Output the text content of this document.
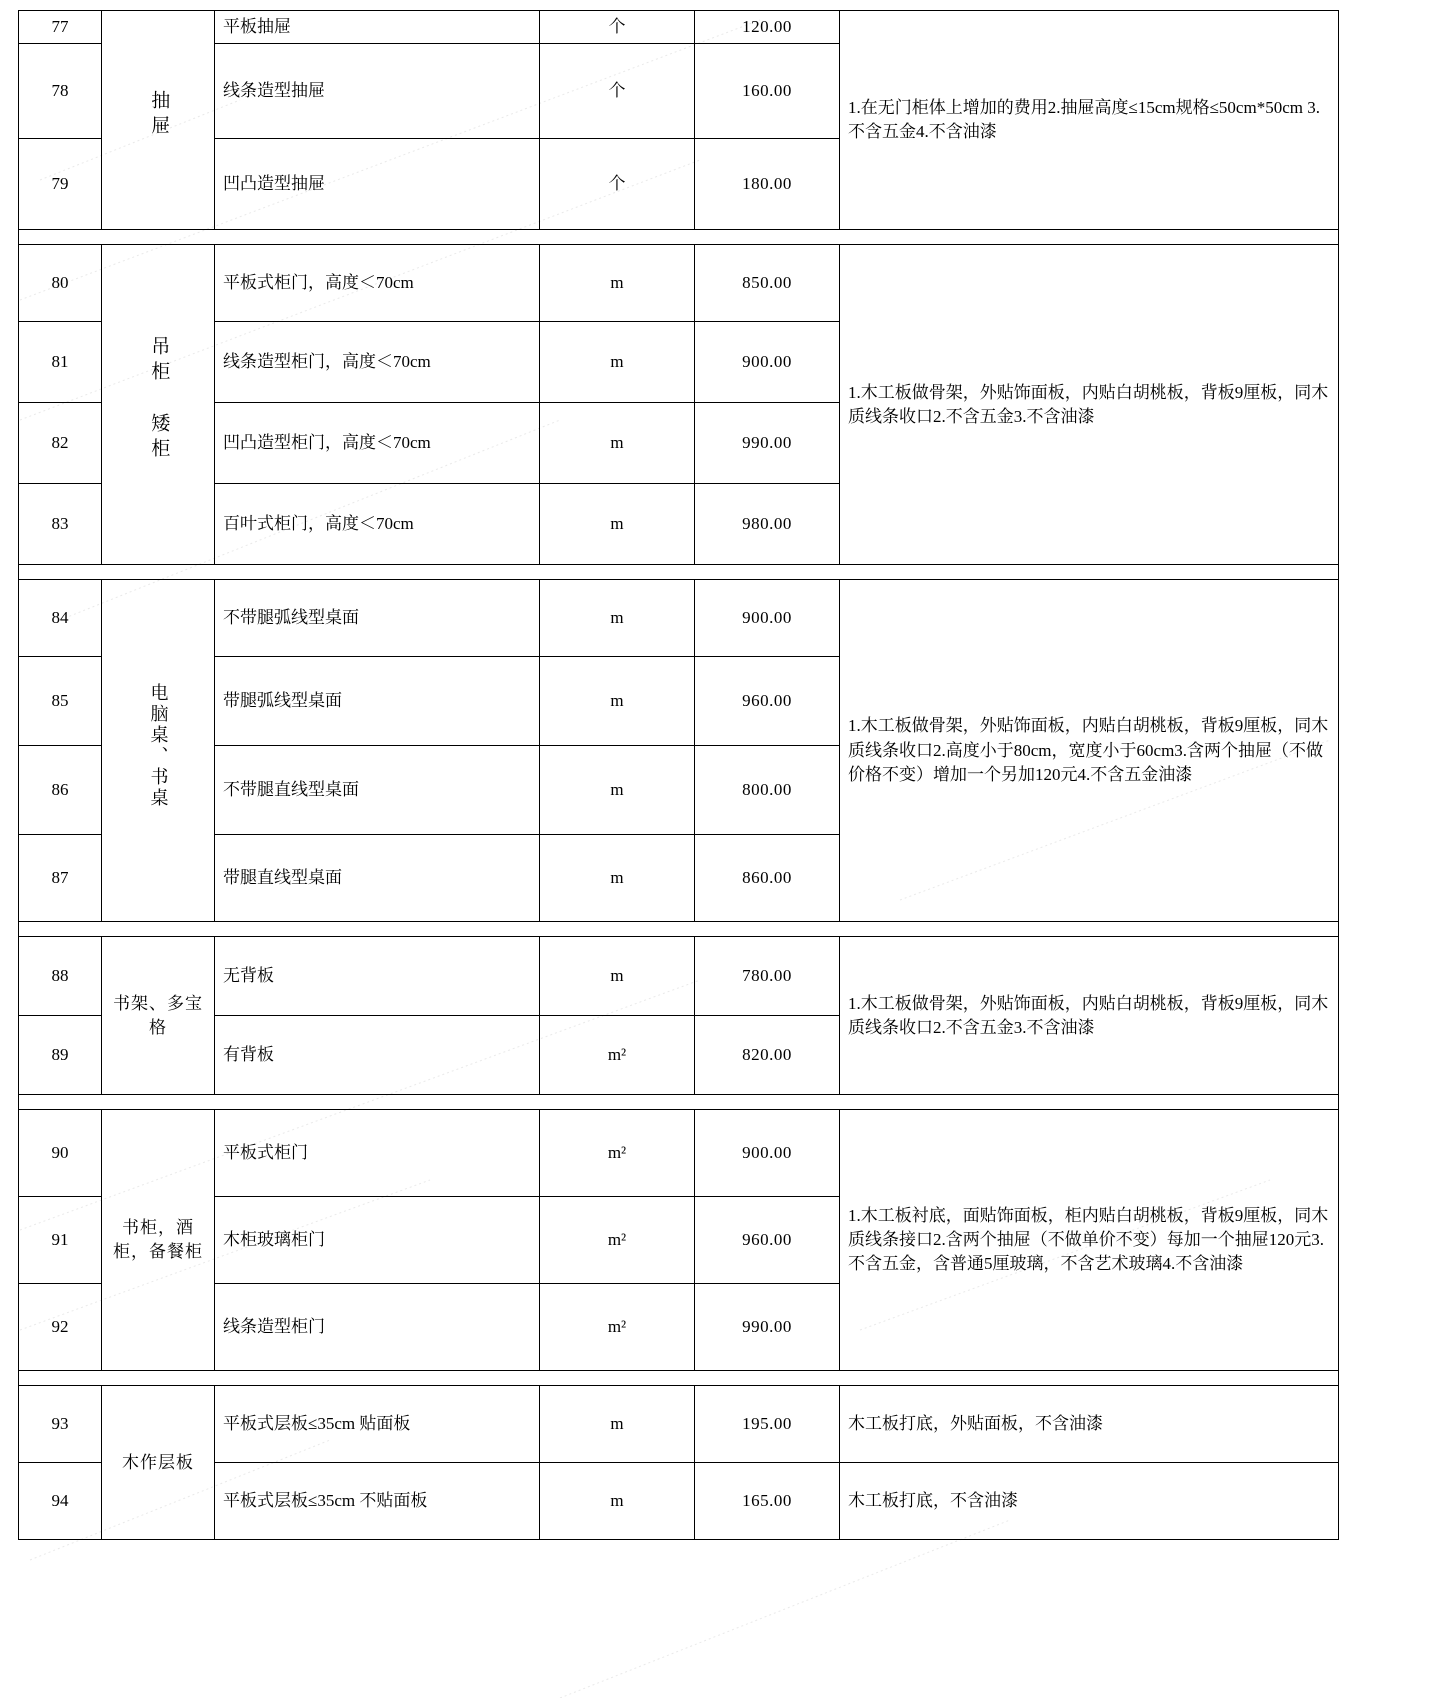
77	抽屉	平板抽屉	个	120.00	1.在无门柜体上增加的费用2.抽屉高度≤15cm规格≤50cm*50cm 3.不含五金4.不含油漆
78		线条造型抽屉	个	160.00	
79		凹凸造型抽屉	个	180.00	

80	吊柜 矮柜	平板式柜门，高度＜70cm	m	850.00	1.木工板做骨架，外贴饰面板，内贴白胡桃板，背板9厘板，同木质线条收口2.不含五金3.不含油漆
81		线条造型柜门，高度＜70cm	m	900.00	
82		凹凸造型柜门，高度＜70cm	m	990.00	
83		百叶式柜门，高度＜70cm	m	980.00	

84	电脑桌、书桌	不带腿弧线型桌面	m	900.00	1.木工板做骨架，外贴饰面板，内贴白胡桃板，背板9厘板，同木质线条收口2.高度小于80cm，宽度小于60cm3.含两个抽屉（不做价格不变）增加一个另加120元4.不含五金油漆
85		带腿弧线型桌面	m	960.00	
86		不带腿直线型桌面	m	800.00	
87		带腿直线型桌面	m	860.00	

88	书架、多宝格	无背板	m	780.00	1.木工板做骨架，外贴饰面板，内贴白胡桃板，背板9厘板，同木质线条收口2.不含五金3.不含油漆
89		有背板	m²	820.00	

90	书柜，酒柜，备餐柜	平板式柜门	m²	900.00	1.木工板衬底，面贴饰面板，柜内贴白胡桃板，背板9厘板，同木质线条接口2.含两个抽屉（不做单价不变）每加一个抽屉120元3.不含五金，含普通5厘玻璃，不含艺术玻璃4.不含油漆
91		木柜玻璃柜门	m²	960.00	
92		线条造型柜门	m²	990.00	

93	木作层板	平板式层板≤35cm 贴面板	m	195.00	木工板打底，外贴面板，不含油漆
94		平板式层板≤35cm 不贴面板	m	165.00	木工板打底，不含油漆
